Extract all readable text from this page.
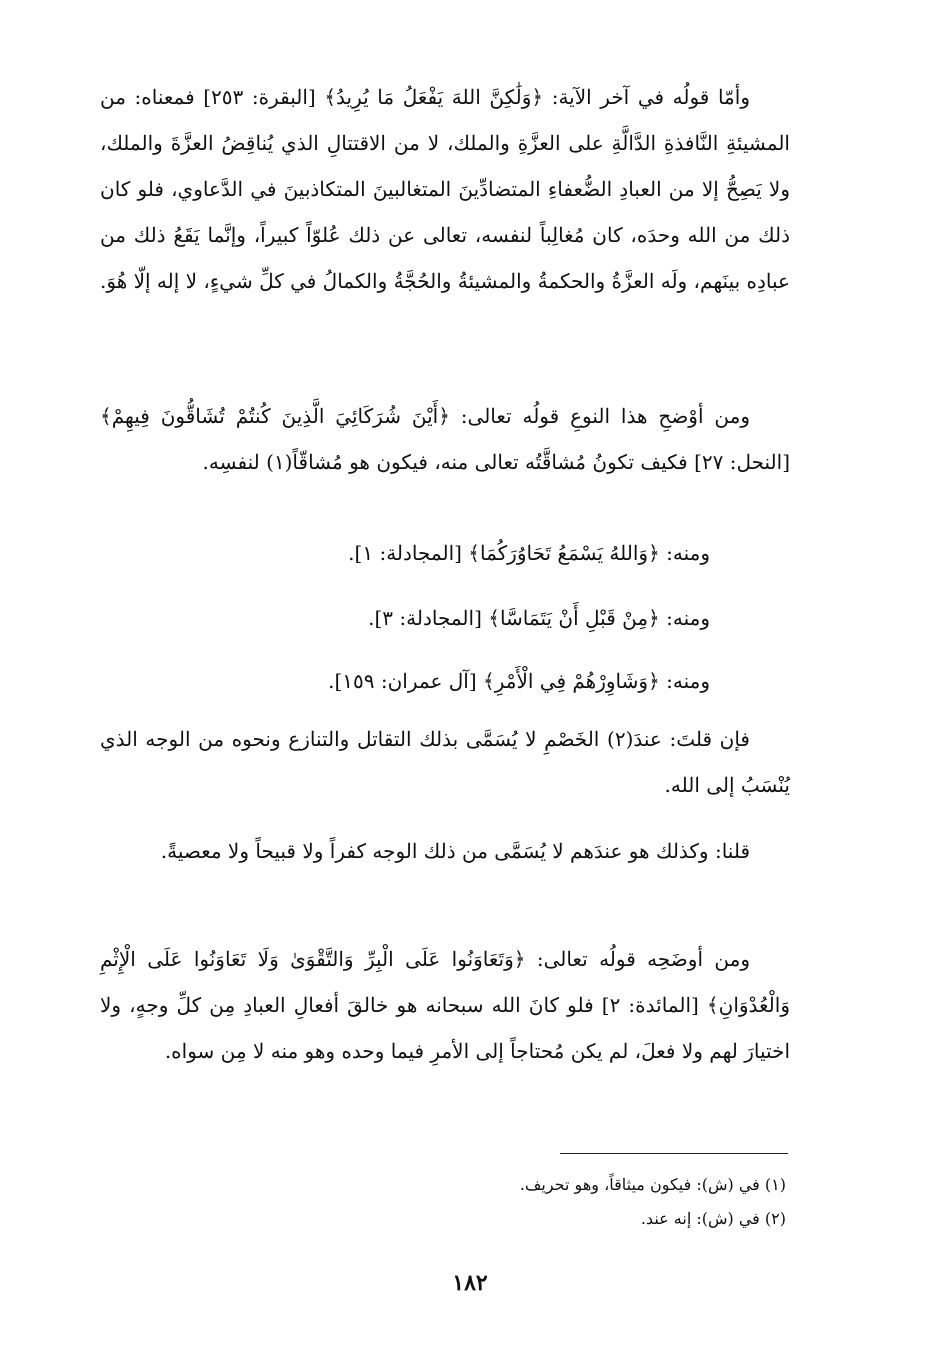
وأمّا قولُه في آخر الآية: ﴿وَلَٰكِنَّ اللهَ يَفْعَلُ مَا يُرِيدُ﴾ [البقرة: ٢٥٣] فمعناه: من المشيئةِ النَّافذةِ الدَّالَّةِ على العزَّةِ والملك، لا من الاقتتالِ الذي يُناقِضُ العزَّةَ والملك، ولا يَصِحُّ إلا من العبادِ الضُّعفاءِ المتضادِّينَ المتغالبينَ المتكاذبينَ في الدَّعاوي، فلو كان ذلك من الله وحدَه، كان مُغالِباً لنفسه، تعالى عن ذلك عُلوّاً كبيراً، وإنَّما يَقَعُ ذلك من عبادِه بينَهم، ولَه العزَّةُ والحكمةُ والمشيئةُ والحُجَّةُ والكمالُ في كلِّ شيءٍ، لا إله إلّا هُوَ.

ومن أوْضحِ هذا النوعِ قولُه تعالى: ﴿أَيْنَ شُرَكَائِيَ الَّذِينَ كُنتُمْ تُشَاقُّونَ فِيهِمْ﴾ [النحل: ٢٧] فكيف تكونُ مُشاقَّتُه تعالى منه، فيكون هو مُشاقّاً(١) لنفسِه.

ومنه: ﴿وَاللهُ يَسْمَعُ تَحَاوُرَكُمَا﴾ [المجادلة: ١].

ومنه: ﴿مِنْ قَبْلِ أَنْ يَتَمَاسَّا﴾ [المجادلة: ٣].

ومنه: ﴿وَشَاوِرْهُمْ فِي الْأَمْرِ﴾ [آل عمران: ١٥٩].

فإن قلتَ: عندَ(٢) الخَصْمِ لا يُسَمَّى بذلك التقاتل والتنازع ونحوه من الوجه الذي يُنْسَبُ إلى الله.

قلنا: وكذلك هو عندَهم لا يُسَمَّى من ذلك الوجه كفراً ولا قبيحاً ولا معصيةً.

ومن أوضَحِه قولُه تعالى: ﴿وَتَعَاوَنُوا عَلَى الْبِرِّ وَالتَّقْوَىٰ وَلَا تَعَاوَنُوا عَلَى الْإِثْمِ وَالْعُدْوَانِ﴾ [المائدة: ٢] فلو كانَ الله سبحانه هو خالقَ أفعالِ العبادِ مِن كلِّ وجهٍ، ولا اختيارَ لهم ولا فعلَ، لم يكن مُحتاجاً إلى الأمرِ فيما وحده وهو منه لا مِن سواه.

(١) في (ش): فيكون ميثاقاً، وهو تحريف.
(٢) في (ش): إنه عند.
١٨٢
